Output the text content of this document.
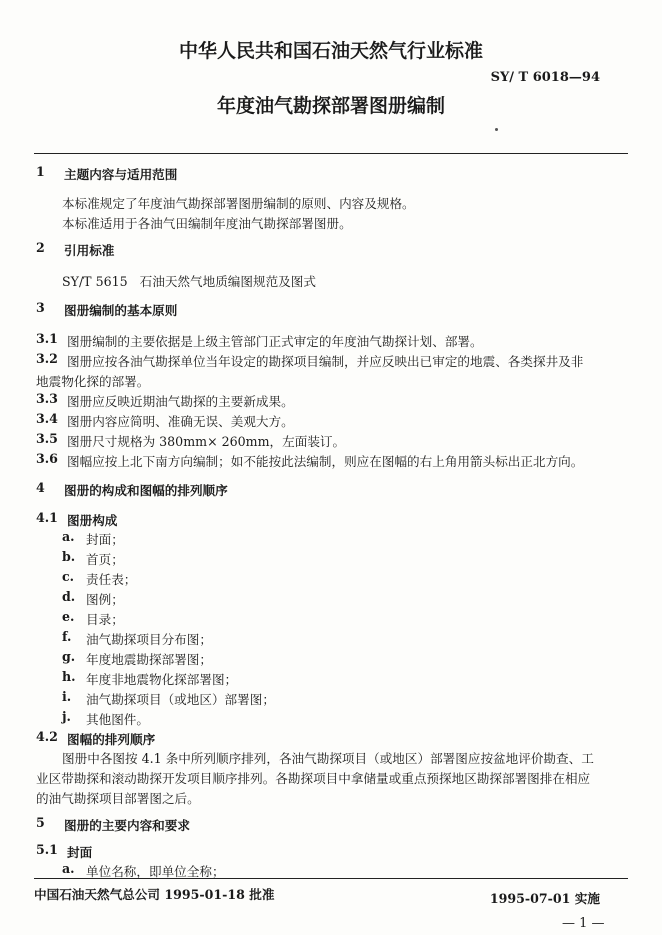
中华人民共和国石油天然气行业标准
SY/ T 6018—94
年度油气勘探部署图册编制
1 主题内容与适用范围
本标准规定了年度油气勘探部署图册编制的原则、内容及规格。
本标准适用于各油气田编制年度油气勘探部署图册。
2 引用标准
SY/T 5615   石油天然气地质编图规范及图式
3 图册编制的基本原则
3.1 图册编制的主要依据是上级主管部门正式审定的年度油气勘探计划、部署。
3.2 图册应按各油气勘探单位当年设定的勘探项目编制，并应反映出已审定的地震、各类探井及非
地震物化探的部署。
3.3 图册应反映近期油气勘探的主要新成果。
3.4 图册内容应简明、准确无误、美观大方。
3.5 图册尺寸规格为 380mm× 260mm，左面装订。
3.6 图幅应按上北下南方向编制；如不能按此法编制，则应在图幅的右上角用箭头标出正北方向。
4 图册的构成和图幅的排列顺序
4.1 图册构成
a. 封面；
b. 首页；
c. 责任表；
d. 图例；
e. 目录；
f. 油气勘探项目分布图；
g. 年度地震勘探部署图；
h. 年度非地震物化探部署图；
i. 油气勘探项目（或地区）部署图；
j. 其他图件。
4.2 图幅的排列顺序
图册中各图按 4.1 条中所列顺序排列，各油气勘探项目（或地区）部署图应按盆地评价勘查、工
业区带勘探和滚动勘探开发项目顺序排列。各勘探项目中拿储量或重点预探地区勘探部署图排在相应
的油气勘探项目部署图之后。
5 图册的主要内容和要求
5.1 封面
a. 单位名称，即单位全称；
中国石油天然气总公司 1995-01-18 批准	1995-07-01 实施
— 1 —
